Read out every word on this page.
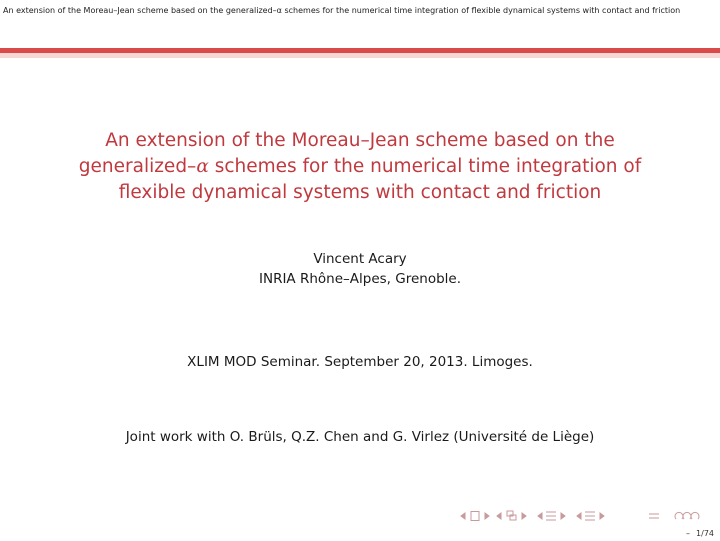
An extension of the Moreau–Jean scheme based on the generalized–α schemes for the numerical time integration of flexible dynamical systems with contact and friction
An extension of the Moreau–Jean scheme based on the
generalized–α schemes for the numerical time integration of
flexible dynamical systems with contact and friction
Vincent Acary
INRIA Rhône–Alpes, Grenoble.
XLIM MOD Seminar. September 20, 2013. Limoges.
Joint work with O. Brüls, Q.Z. Chen and G. Virlez (Université de Liège)
– 1/74
